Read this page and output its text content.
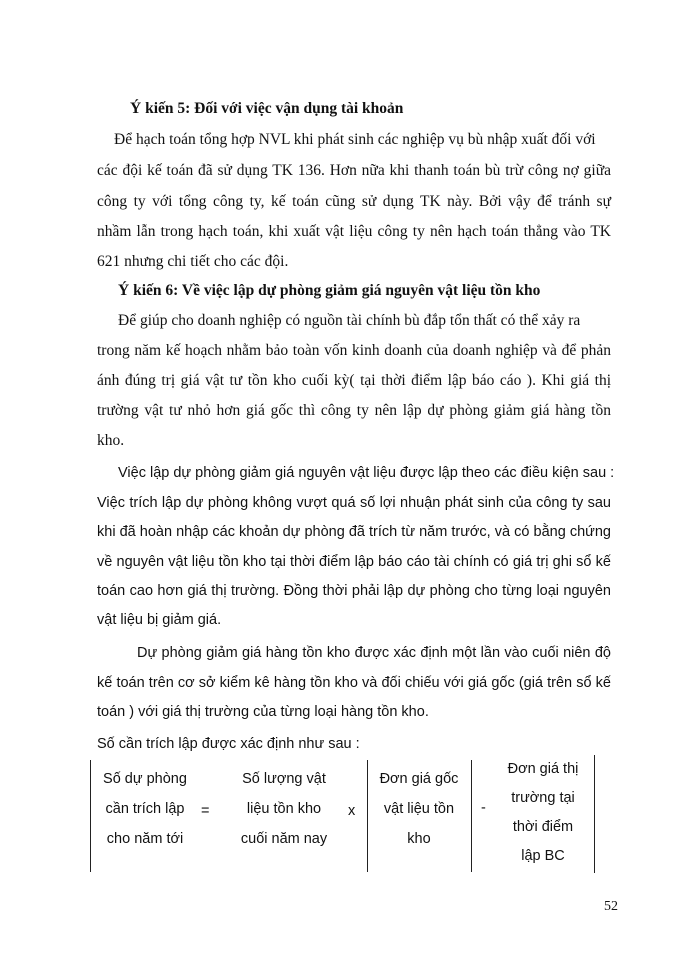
Ý kiến 5: Đối với việc vận dụng tài khoản
Để hạch toán tổng hợp NVL khi phát sinh các nghiệp vụ bù nhập xuất đối với
các đội kế toán đã sử dụng TK 136. Hơn nữa khi thanh toán bù trừ công nợ giữa
công ty với tổng công ty, kế toán cũng sử dụng TK này. Bởi vậy để tránh sự
nhầm lẫn trong hạch toán, khi xuất vật liệu công ty nên hạch toán thẳng vào TK
621 nhưng chi tiết cho các đội.
Ý kiến 6: Về việc lập dự phòng giảm giá nguyên vật liệu tồn kho
Để giúp cho doanh nghiệp có nguồn tài chính bù đắp tổn thất có thể xảy ra
trong năm kế hoạch nhằm bảo toàn vốn kinh doanh của doanh nghiệp và để phản
ánh đúng trị giá vật tư tồn kho cuối kỳ( tại thời điểm lập báo cáo ). Khi giá thị
trường vật tư nhỏ hơn giá gốc thì công ty nên lập dự phòng giảm giá hàng tồn
kho.
Việc lập dự phòng giảm giá nguyên vật liệu được lập theo các điều kiện sau :
Việc trích lập dự phòng không vượt quá số lợi nhuận phát sinh của công ty sau
khi đã hoàn nhập các khoản dự phòng đã trích từ năm trước, và có bằng chứng
về nguyên vật liệu tồn kho tại thời điểm lập báo cáo tài chính có giá trị ghi sổ kế
toán cao hơn giá thị trường. Đồng thời phải lập dự phòng cho từng loại nguyên
vật liệu bị giảm giá.
Dự phòng giảm giá hàng tồn kho được xác định một lần vào cuối niên độ
kế toán trên cơ sở kiểm kê hàng tồn kho và đối chiếu với giá gốc (giá trên sổ kế
toán ) với giá thị trường của từng loại hàng tồn kho.
Số cần trích lập được xác định như sau :
Số dự phòng
cần trích lập
cho năm tới
=
Số lượng vật
liệu tồn kho
cuối năm nay
x
Đơn giá gốc
vật liệu tồn
kho
-
Đơn giá thị
trường tại
thời điểm
lập BC
52
